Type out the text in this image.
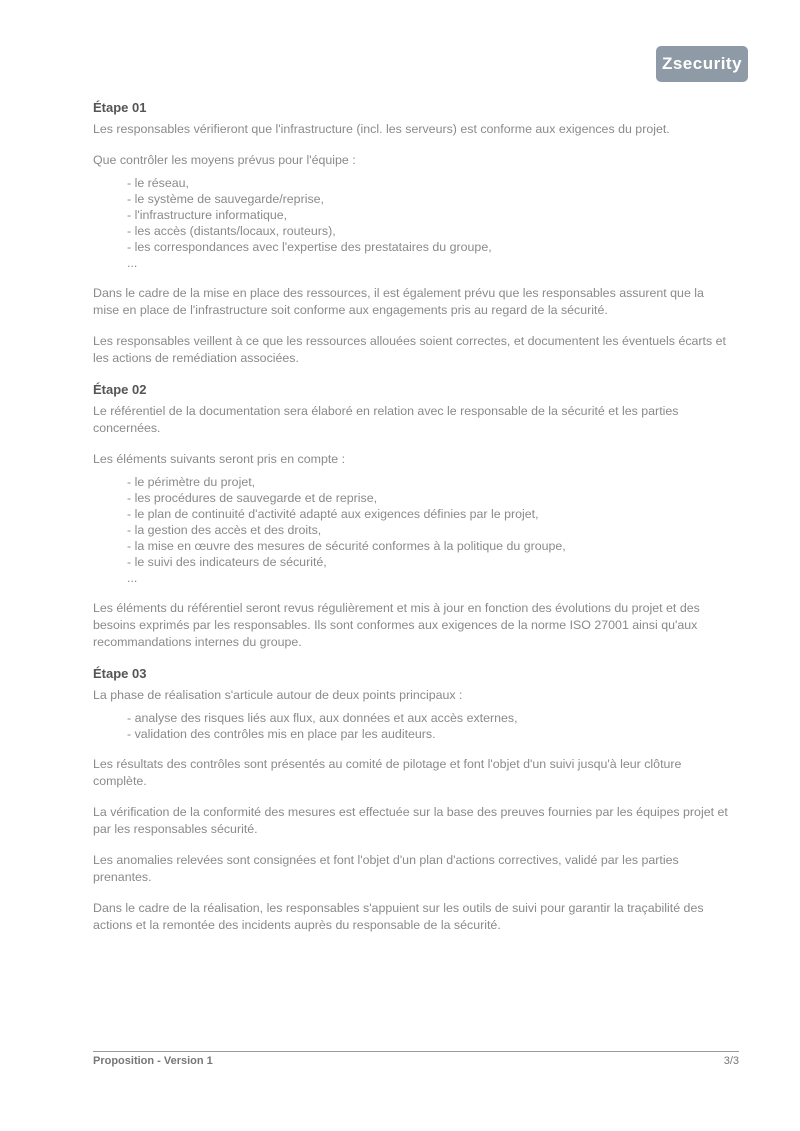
Zsecurity
Étape 01

Les responsables vérifieront que l'infrastructure (incl. les serveurs) est conforme aux exigences du projet.

Que contrôler les moyens prévus pour l'équipe :

- le réseau,
- le système de sauvegarde/reprise,
- l'infrastructure informatique,
- les accès (distants/locaux, routeurs),
- les correspondances avec l'expertise des prestataires du groupe,
...

Dans le cadre de la mise en place des ressources, il est également prévu que les responsables assurent que la mise en place de l'infrastructure soit conforme aux engagements pris au regard de la sécurité.

Les responsables veillent à ce que les ressources allouées soient correctes, et documentent les éventuels écarts et les actions de remédiation associées.

Étape 02

Le référentiel de la documentation sera élaboré en relation avec le responsable de la sécurité et les parties concernées.

Les éléments suivants seront pris en compte :

- le périmètre du projet,
- les procédures de sauvegarde et de reprise,
- le plan de continuité d'activité adapté aux exigences définies par le projet,
- la gestion des accès et des droits,
- la mise en œuvre des mesures de sécurité conformes à la politique du groupe,
- le suivi des indicateurs de sécurité,
...

Les éléments du référentiel seront revus régulièrement et mis à jour en fonction des évolutions du projet et des besoins exprimés par les responsables. Ils sont conformes aux exigences de la norme ISO 27001 ainsi qu'aux recommandations internes du groupe.

Étape 03

La phase de réalisation s'articule autour de deux points principaux :

- analyse des risques liés aux flux, aux données et aux accès externes,
- validation des contrôles mis en place par les auditeurs.

Les résultats des contrôles sont présentés au comité de pilotage et font l'objet d'un suivi jusqu'à leur clôture complète.

La vérification de la conformité des mesures est effectuée sur la base des preuves fournies par les équipes projet et par les responsables sécurité.

Les anomalies relevées sont consignées et font l'objet d'un plan d'actions correctives, validé par les parties prenantes.

Dans le cadre de la réalisation, les responsables s'appuient sur les outils de suivi pour garantir la traçabilité des actions et la remontée des incidents auprès du responsable de la sécurité.

Proposition - Version 1	3/3
